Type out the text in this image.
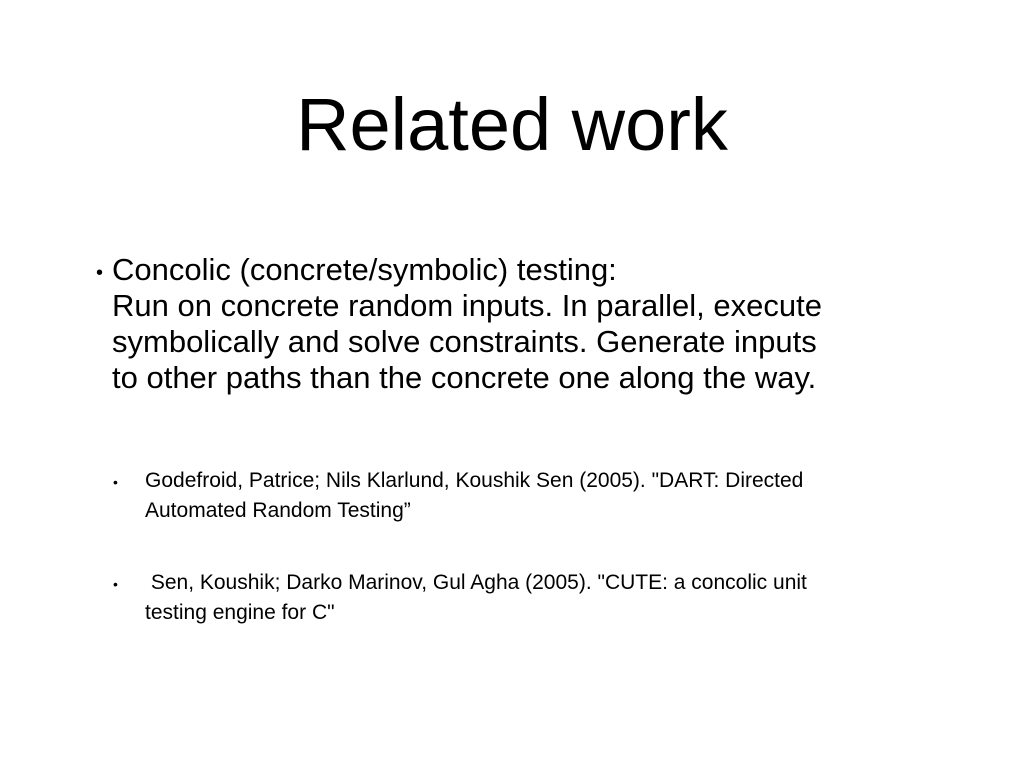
Related work
• Concolic (concrete/symbolic) testing:
Run on concrete random inputs. In parallel, execute
symbolically and solve constraints. Generate inputs
to other paths than the concrete one along the way.
• Godefroid, Patrice; Nils Klarlund, Koushik Sen (2005). "DART: Directed
Automated Random Testing”
• Sen, Koushik; Darko Marinov, Gul Agha (2005). "CUTE: a concolic unit
testing engine for C"
